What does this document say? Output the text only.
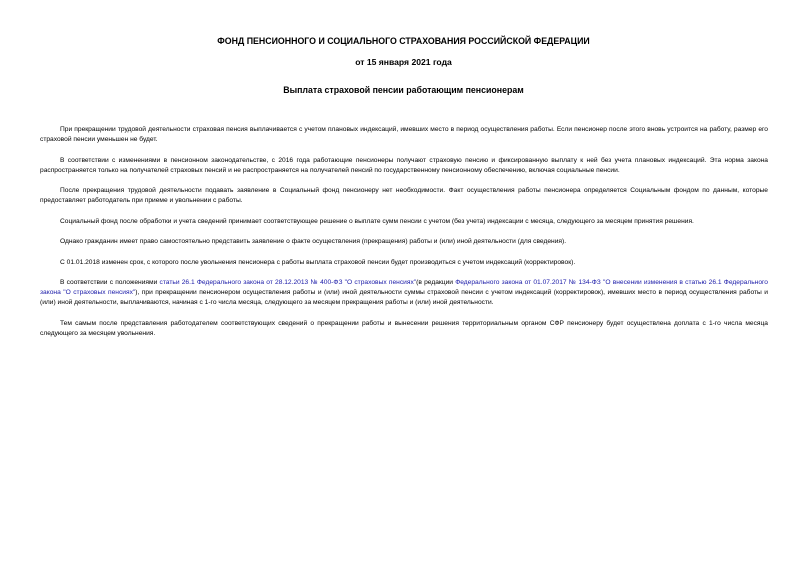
ФОНД ПЕНСИОННОГО И СОЦИАЛЬНОГО СТРАХОВАНИЯ РОССИЙСКОЙ ФЕДЕРАЦИИ
от 15 января 2021 года
Выплата страховой пенсии работающим пенсионерам

При прекращении трудовой деятельности страховая пенсия выплачивается с учетом плановых индексаций, имевших место в период осуществления работы. Если пенсионер после этого вновь устроится на работу, размер его страховой пенсии уменьшен не будет.

В соответствии с изменениями в пенсионном законодательстве, с 2016 года работающие пенсионеры получают страховую пенсию и фиксированную выплату к ней без учета плановых индексаций. Эта норма закона распространяется только на получателей страховых пенсий и не распространяется на получателей пенсий по государственному пенсионному обеспечению, включая социальные пенсии.

После прекращения трудовой деятельности подавать заявление в Социальный фонд пенсионеру нет необходимости. Факт осуществления работы пенсионера определяется Социальным фондом по данным, которые предоставляет работодатель при приеме и увольнении с работы.

Социальный фонд после обработки и учета сведений принимает соответствующее решение о выплате сумм пенсии с учетом (без учета) индексации с месяца, следующего за месяцем принятия решения.

Однако гражданин имеет право самостоятельно представить заявление о факте осуществления (прекращения) работы и (или) иной деятельности (для сведения).

С 01.01.2018 изменен срок, с которого после увольнения пенсионера с работы выплата страховой пенсии будет производиться с учетом индексаций (корректировок).

В соответствии с положениями статьи 26.1 Федерального закона от 28.12.2013 № 400-ФЗ "О страховых пенсиях"(в редакции Федерального закона от 01.07.2017 № 134-ФЗ "О внесении изменения в статью 26.1 Федерального закона "О страховых пенсиях"), при прекращении пенсионером осуществления работы и (или) иной деятельности суммы страховой пенсии с учетом индексаций (корректировок), имевших место в период осуществления работы и (или) иной деятельности, выплачиваются, начиная с 1-го числа месяца, следующего за месяцем прекращения работы и (или) иной деятельности.

Тем самым после представления работодателем соответствующих сведений о прекращении работы и вынесении решения территориальным органом СФР пенсионеру будет осуществлена доплата с 1-го числа месяца следующего за месяцем увольнения.
